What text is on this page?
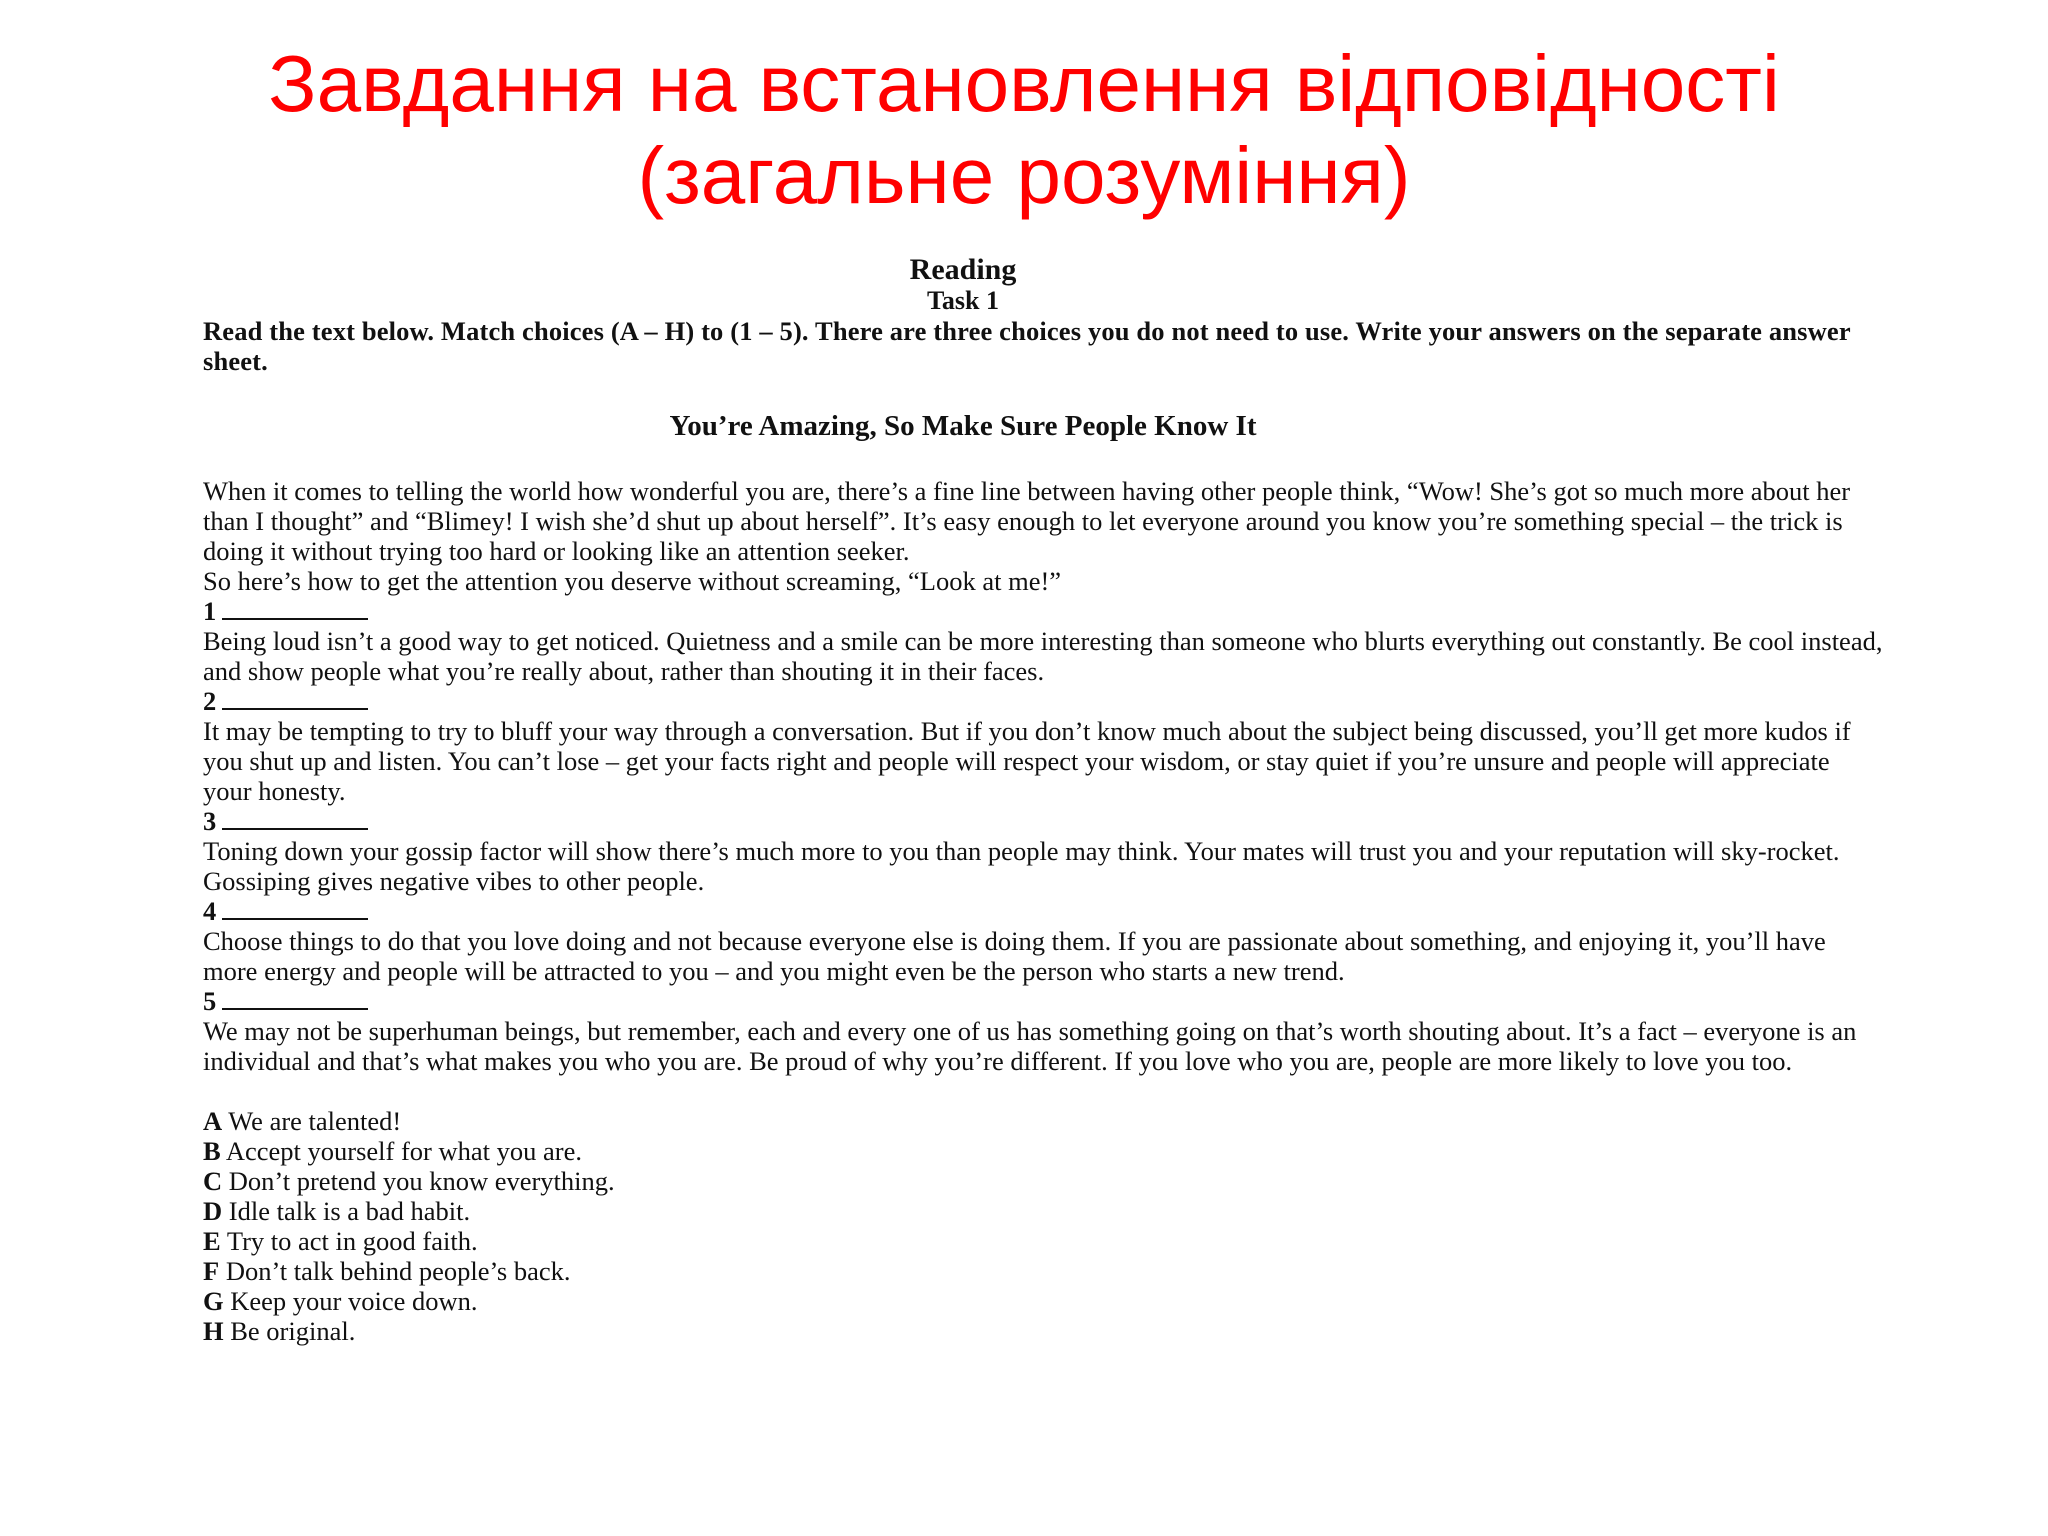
Завдання на встановлення відповідності
(загальне розуміння)
Reading
Task 1
Read the text below. Match choices (A – H) to (1 – 5). There are three choices you do not need to use. Write your answers on the separate answer sheet.
You’re Amazing, So Make Sure People Know It

When it comes to telling the world how wonderful you are, there’s a fine line between having other people think, “Wow! She’s got so much more about her than I thought” and “Blimey! I wish she’d shut up about herself”. It’s easy enough to let everyone around you know you’re something special – the trick is doing it without trying too hard or looking like an attention seeker.

So here’s how to get the attention you deserve without screaming, “Look at me!”

1

Being loud isn’t a good way to get noticed. Quietness and a smile can be more interesting than someone who blurts everything out constantly. Be cool instead, and show people what you’re really about, rather than shouting it in their faces.

2

It may be tempting to try to bluff your way through a conversation. But if you don’t know much about the subject being discussed, you’ll get more kudos if you shut up and listen. You can’t lose – get your facts right and people will respect your wisdom, or stay quiet if you’re unsure and people will appreciate your honesty.

3

Toning down your gossip factor will show there’s much more to you than people may think. Your mates will trust you and your reputation will sky-rocket. Gossiping gives negative vibes to other people.

4

Choose things to do that you love doing and not because everyone else is doing them. If you are passionate about something, and enjoying it, you’ll have more energy and people will be attracted to you – and you might even be the person who starts a new trend.

5

We may not be superhuman beings, but remember, each and every one of us has something going on that’s worth shouting about. It’s a fact – everyone is an individual and that’s what makes you who you are. Be proud of why you’re different. If you love who you are, people are more likely to love you too.

A We are talented!
B Accept yourself for what you are.
C Don’t pretend you know everything.
D Idle talk is a bad habit.
E Try to act in good faith.
F Don’t talk behind people’s back.
G Keep your voice down.
H Be original.
